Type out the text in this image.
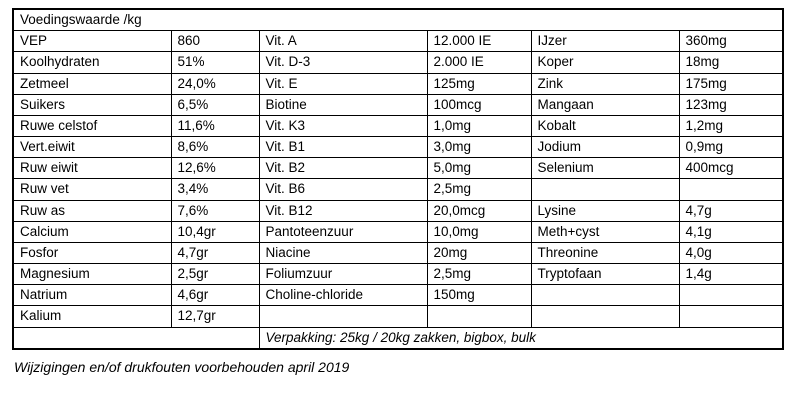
Voedingswaarde /kg					
VEP	860	Vit. A	12.000 IE	IJzer	360mg
Koolhydraten	51%	Vit. D-3	2.000 IE	Koper	18mg
Zetmeel	24,0%	Vit. E	125mg	Zink	175mg
Suikers	6,5%	Biotine	100mcg	Mangaan	123mg
Ruwe celstof	11,6%	Vit. K3	1,0mg	Kobalt	1,2mg
Vert.eiwit	8,6%	Vit. B1	3,0mg	Jodium	0,9mg
Ruw eiwit	12,6%	Vit. B2	5,0mg	Selenium	400mcg
Ruw vet	3,4%	Vit. B6	2,5mg		
Ruw as	7,6%	Vit. B12	20,0mcg	Lysine	4,7g
Calcium	10,4gr	Pantoteenzuur	10,0mg	Meth+cyst	4,1g
Fosfor	4,7gr	Niacine	20mg	Threonine	4,0g
Magnesium	2,5gr	Foliumzuur	2,5mg	Tryptofaan	1,4g
Natrium	4,6gr	Choline-chloride	150mg		
Kalium	12,7gr				
		Verpakking: 25kg / 20kg zakken, bigbox, bulk			
Wijzigingen en/of drukfouten voorbehouden april 2019
